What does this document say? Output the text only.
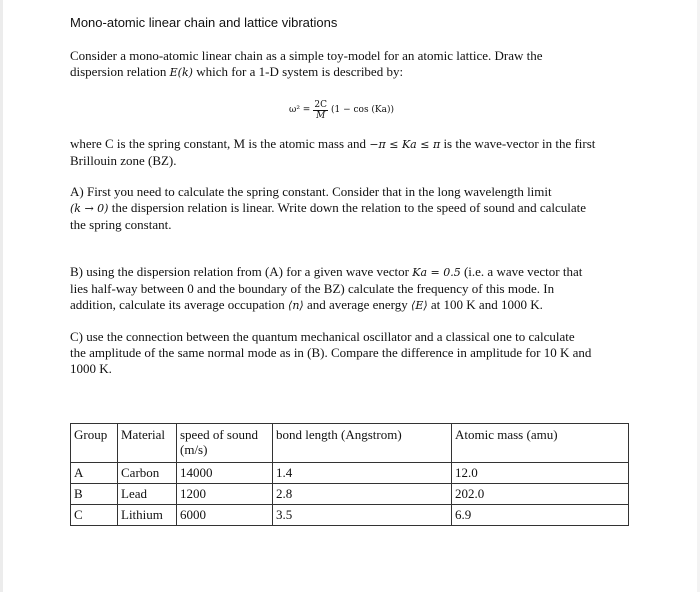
Mono-atomic linear chain and lattice vibrations
Consider a mono-atomic linear chain as a simple toy-model for an atomic lattice. Draw the
dispersion relation E(k) which for a 1-D system is described by:
$\omega^2 = \frac{2C}{M} (1 - \cos (Ka))$
where C is the spring constant, M is the atomic mass and −π ≤ Ka ≤ π is the wave-vector in the first
Brillouin zone (BZ).
A) First you need to calculate the spring constant. Consider that in the long wavelength limit
(k → 0) the dispersion relation is linear. Write down the relation to the speed of sound and calculate
the spring constant.
B) using the dispersion relation from (A) for a given wave vector Ka = 0.5 (i.e. a wave vector that
lies half-way between 0 and the boundary of the BZ) calculate the frequency of this mode. In
addition, calculate its average occupation ⟨n⟩ and average energy ⟨E⟩ at 100 K and 1000 K.
C) use the connection between the quantum mechanical oscillator and a classical one to calculate
the amplitude of the same normal mode as in (B). Compare the difference in amplitude for 10 K and
1000 K.
Group	Material	speed of sound (m/s)	bond length (Angstrom)	Atomic mass (amu)
A	Carbon	14000	1.4	12.0
B	Lead	1200	2.8	202.0
C	Lithium	6000	3.5	6.9
